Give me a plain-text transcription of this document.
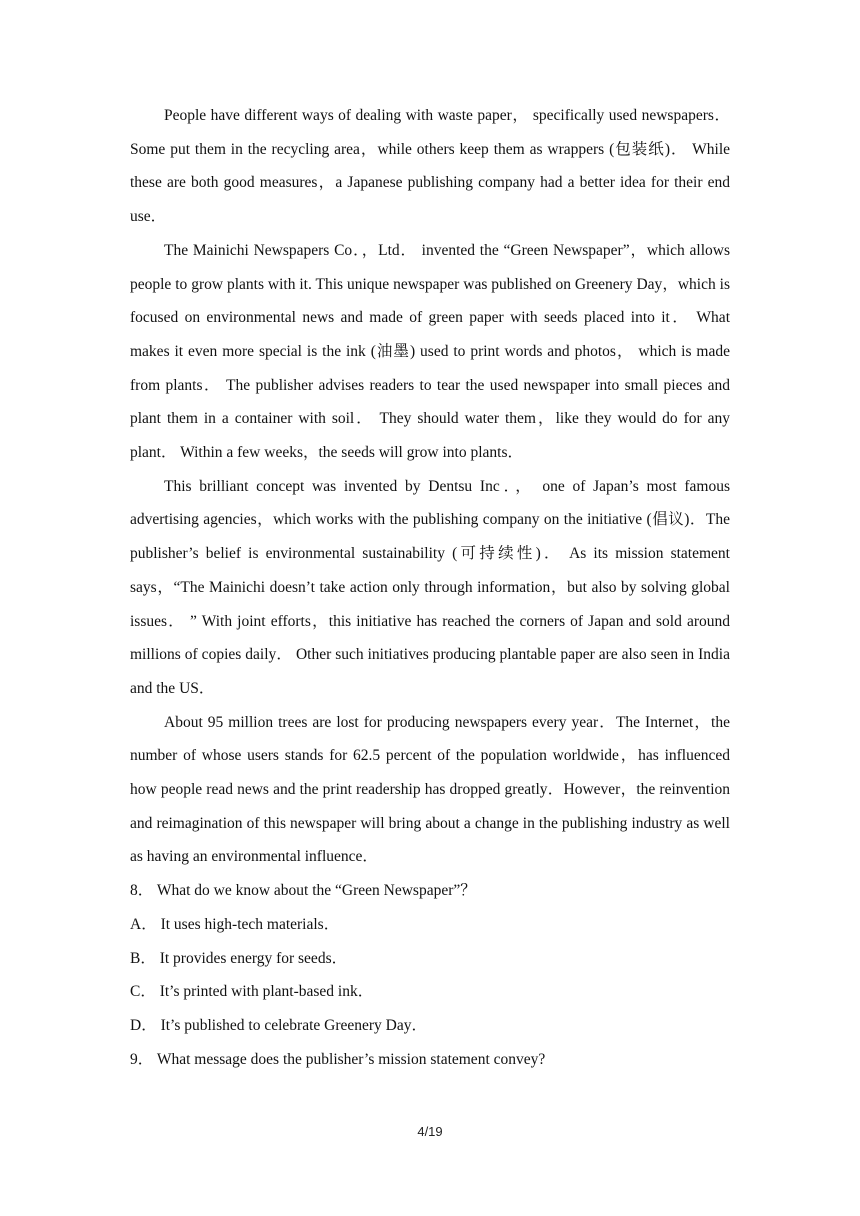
People have different ways of dealing with waste paper， specifically used newspapers． Some put them in the recycling area，while others keep them as wrappers (包装纸)． While these are both good measures，a Japanese publishing company had a better idea for their end use．

The Mainichi Newspapers Co．，Ltd． invented the “Green Newspaper”，which allows people to grow plants with it. This unique newspaper was published on Greenery Day，which is focused on environmental news and made of green paper with seeds placed into it． What makes it even more special is the ink (油墨) used to print words and photos， which is made from plants． The publisher advises readers to tear the used newspaper into small pieces and plant them in a container with soil． They should water them，like they would do for any plant． Within a few weeks，the seeds will grow into plants．

This brilliant concept was invented by Dentsu Inc．， one of Japan’s most famous advertising agencies，which works with the publishing company on the initiative (倡议)．The publisher’s belief is environmental sustainability (可持续性)． As its mission statement says，“The Mainichi doesn’t take action only through information，but also by solving global issues． ” With joint efforts，this initiative has reached the corners of Japan and sold around millions of copies daily． Other such initiatives producing plantable paper are also seen in India and the US．

About 95 million trees are lost for producing newspapers every year．The Internet，the number of whose users stands for 62.5 percent of the population worldwide，has influenced how people read news and the print readership has dropped greatly．However，the reinvention and reimagination of this newspaper will bring about a change in the publishing industry as well as having an environmental influence．

8． What do we know about the “Green Newspaper”？

A． It uses high-tech materials．

B． It provides energy for seeds．

C． It’s printed with plant-based ink．

D． It’s published to celebrate Greenery Day．

9． What message does the publisher’s mission statement convey?

4/19
